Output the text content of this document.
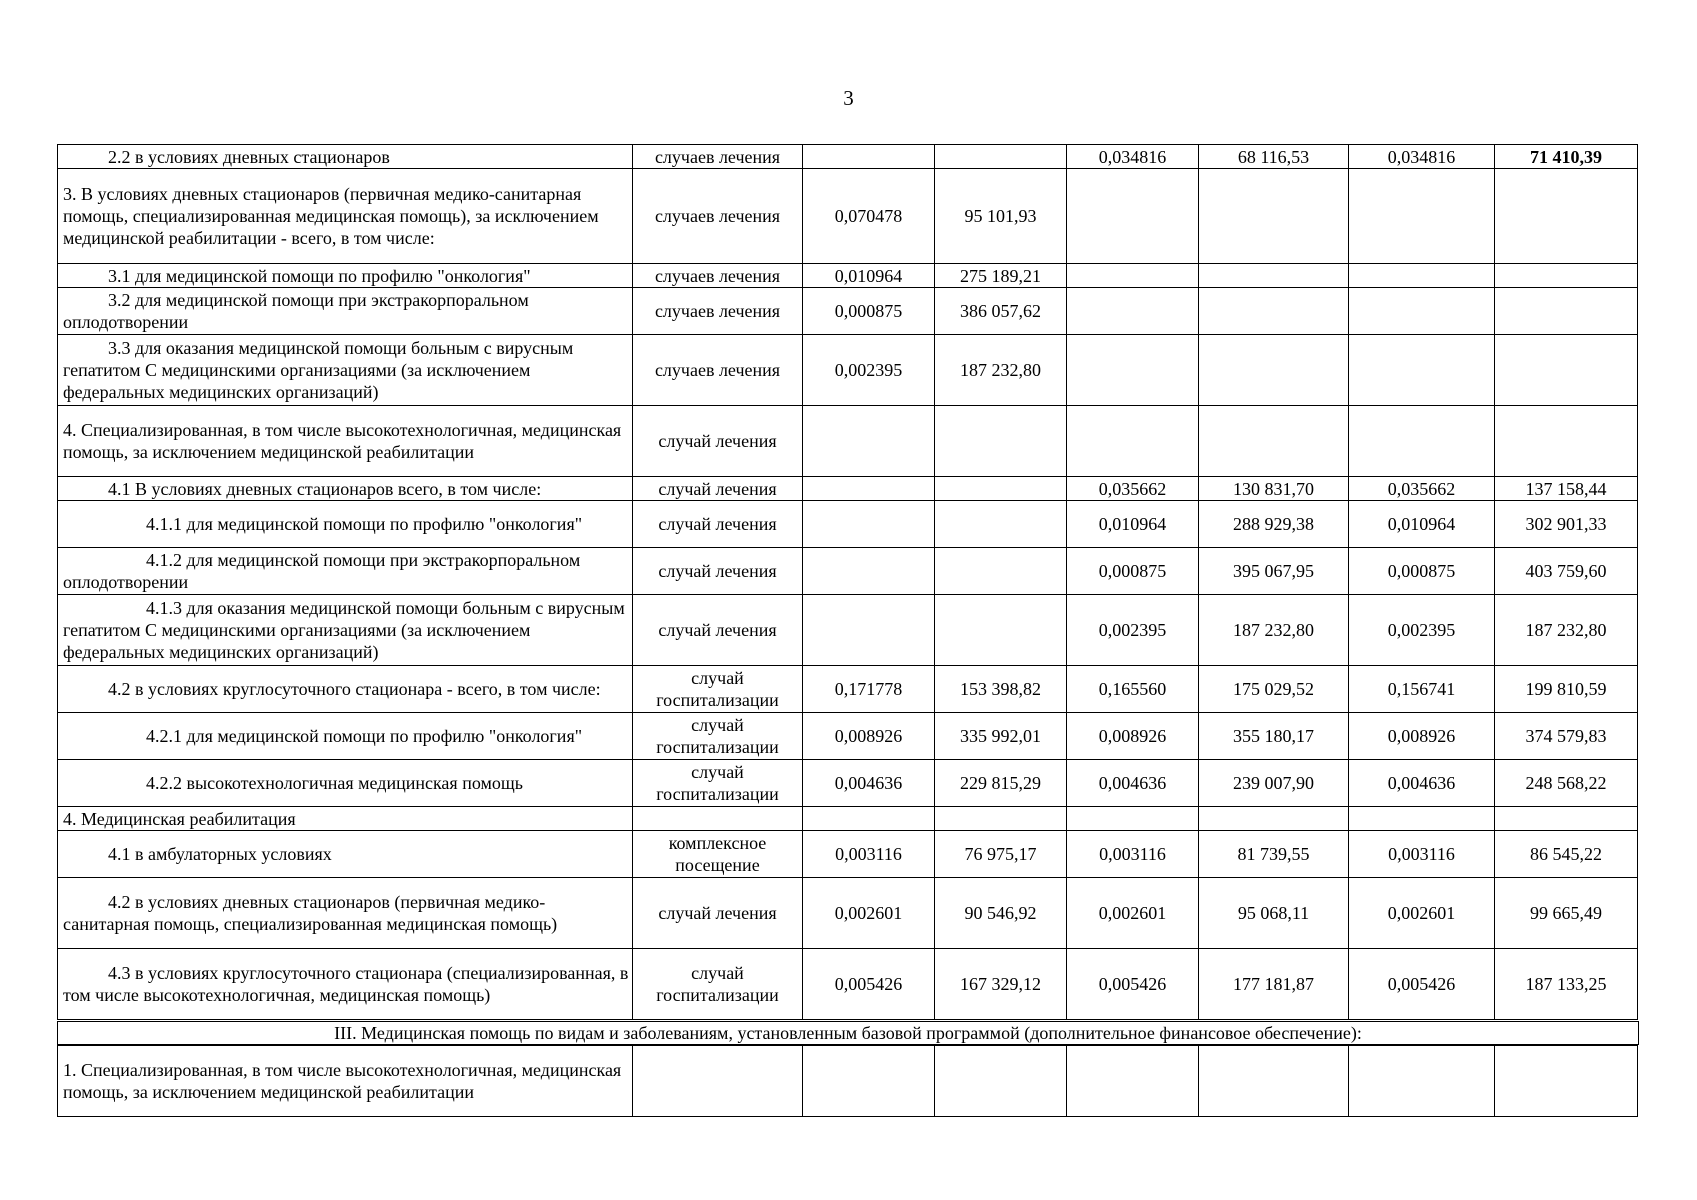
3
2.2 в условиях дневных стационаров	случаев лечения			0,034816	68 116,53	0,034816	71 410,39
3. В условиях дневных стационаров (первичная медико-санитарная помощь, специализированная медицинская помощь), за исключением медицинской реабилитации - всего, в том числе:	случаев лечения	0,070478	95 101,93				
3.1 для медицинской помощи по профилю "онкология"	случаев лечения	0,010964	275 189,21				
3.2 для медицинской помощи при экстракорпоральном оплодотворении	случаев лечения	0,000875	386 057,62				
3.3 для оказания медицинской помощи больным с вирусным гепатитом С медицинскими организациями (за исключением федеральных медицинских организаций)	случаев лечения	0,002395	187 232,80				
4. Специализированная, в том числе высокотехнологичная, медицинская помощь, за исключением медицинской реабилитации	случай лечения						
4.1 В условиях дневных стационаров всего, в том числе:	случай лечения			0,035662	130 831,70	0,035662	137 158,44
4.1.1 для медицинской помощи по профилю "онкология"	случай лечения			0,010964	288 929,38	0,010964	302 901,33
4.1.2 для медицинской помощи при экстракорпоральном оплодотворении	случай лечения			0,000875	395 067,95	0,000875	403 759,60
4.1.3 для оказания медицинской помощи больным с вирусным гепатитом С медицинскими организациями (за исключением федеральных медицинских организаций)	случай лечения			0,002395	187 232,80	0,002395	187 232,80
4.2 в условиях круглосуточного стационара - всего, в том числе:	случай госпитализации	0,171778	153 398,82	0,165560	175 029,52	0,156741	199 810,59
4.2.1 для медицинской помощи по профилю "онкология"	случай госпитализации	0,008926	335 992,01	0,008926	355 180,17	0,008926	374 579,83
4.2.2 высокотехнологичная медицинская помощь	случай госпитализации	0,004636	229 815,29	0,004636	239 007,90	0,004636	248 568,22
4. Медицинская реабилитация							
4.1 в амбулаторных условиях	комплексное посещение	0,003116	76 975,17	0,003116	81 739,55	0,003116	86 545,22
4.2 в условиях дневных стационаров (первичная медико-санитарная помощь, специализированная медицинская помощь)	случай лечения	0,002601	90 546,92	0,002601	95 068,11	0,002601	99 665,49
4.3 в условиях круглосуточного стационара (специализированная, в том числе высокотехнологичная, медицинская помощь)	случай госпитализации	0,005426	167 329,12	0,005426	177 181,87	0,005426	187 133,25
III. Медицинская помощь по видам и заболеваниям, установленным базовой программой (дополнительное финансовое обеспечение):
1. Специализированная, в том числе высокотехнологичная, медицинская помощь, за исключением медицинской реабилитации							
